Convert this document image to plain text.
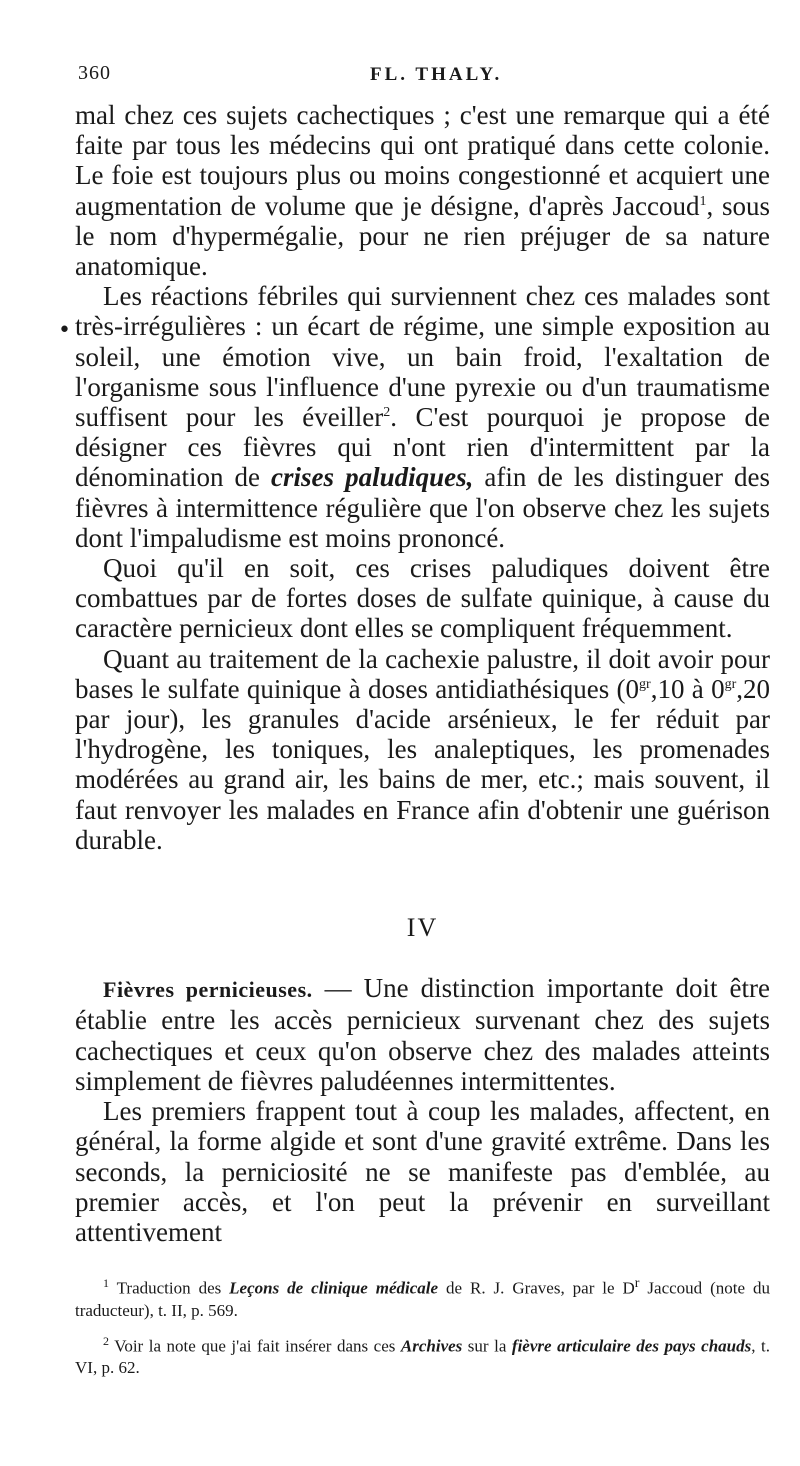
360	FL. THALY.
•

mal chez ces sujets cachectiques ; c'est une remarque qui a été faite par tous les médecins qui ont pratiqué dans cette colonie. Le foie est toujours plus ou moins congestionné et acquiert une augmentation de volume que je désigne, d'après Jaccoud$^1$, sous le nom d'hypermégalie, pour ne rien préjuger de sa nature anatomique.

Les réactions fébriles qui surviennent chez ces malades sont très-irrégulières : un écart de régime, une simple exposition au soleil, une émotion vive, un bain froid, l'exaltation de l'organisme sous l'influence d'une pyrexie ou d'un traumatisme suffisent pour les éveiller$^2$. C'est pourquoi je propose de désigner ces fièvres qui n'ont rien d'intermittent par la dénomination de crises paludiques, afin de les distinguer des fièvres à intermittence régulière que l'on observe chez les sujets dont l'impaludisme est moins prononcé.

Quoi qu'il en soit, ces crises paludiques doivent être combattues par de fortes doses de sulfate quinique, à cause du caractère pernicieux dont elles se compliquent fréquemment.

Quant au traitement de la cachexie palustre, il doit avoir pour bases le sulfate quinique à doses antidiathésiques ($0^{gr},10$ à $0^{gr},20$ par jour), les granules d'acide arsénieux, le fer réduit par l'hydrogène, les toniques, les analeptiques, les promenades modérées au grand air, les bains de mer, etc.; mais souvent, il faut renvoyer les malades en France afin d'obtenir une guérison durable.

IV

Fièvres pernicieuses. — Une distinction importante doit être établie entre les accès pernicieux survenant chez des sujets cachectiques et ceux qu'on observe chez des malades atteints simplement de fièvres paludéennes intermittentes.

Les premiers frappent tout à coup les malades, affectent, en général, la forme algide et sont d'une gravité extrême. Dans les seconds, la perniciosité ne se manifeste pas d'emblée, au premier accès, et l'on peut la prévenir en surveillant attentivement

$^1$ Traduction des Leçons de clinique médicale de R. J. Graves, par le $D^r$ Jaccoud (note du traducteur), t. II, p. 569.

$^2$ Voir la note que j'ai fait insérer dans ces Archives sur la fièvre articulaire des pays chauds, t. VI, p. 62.
